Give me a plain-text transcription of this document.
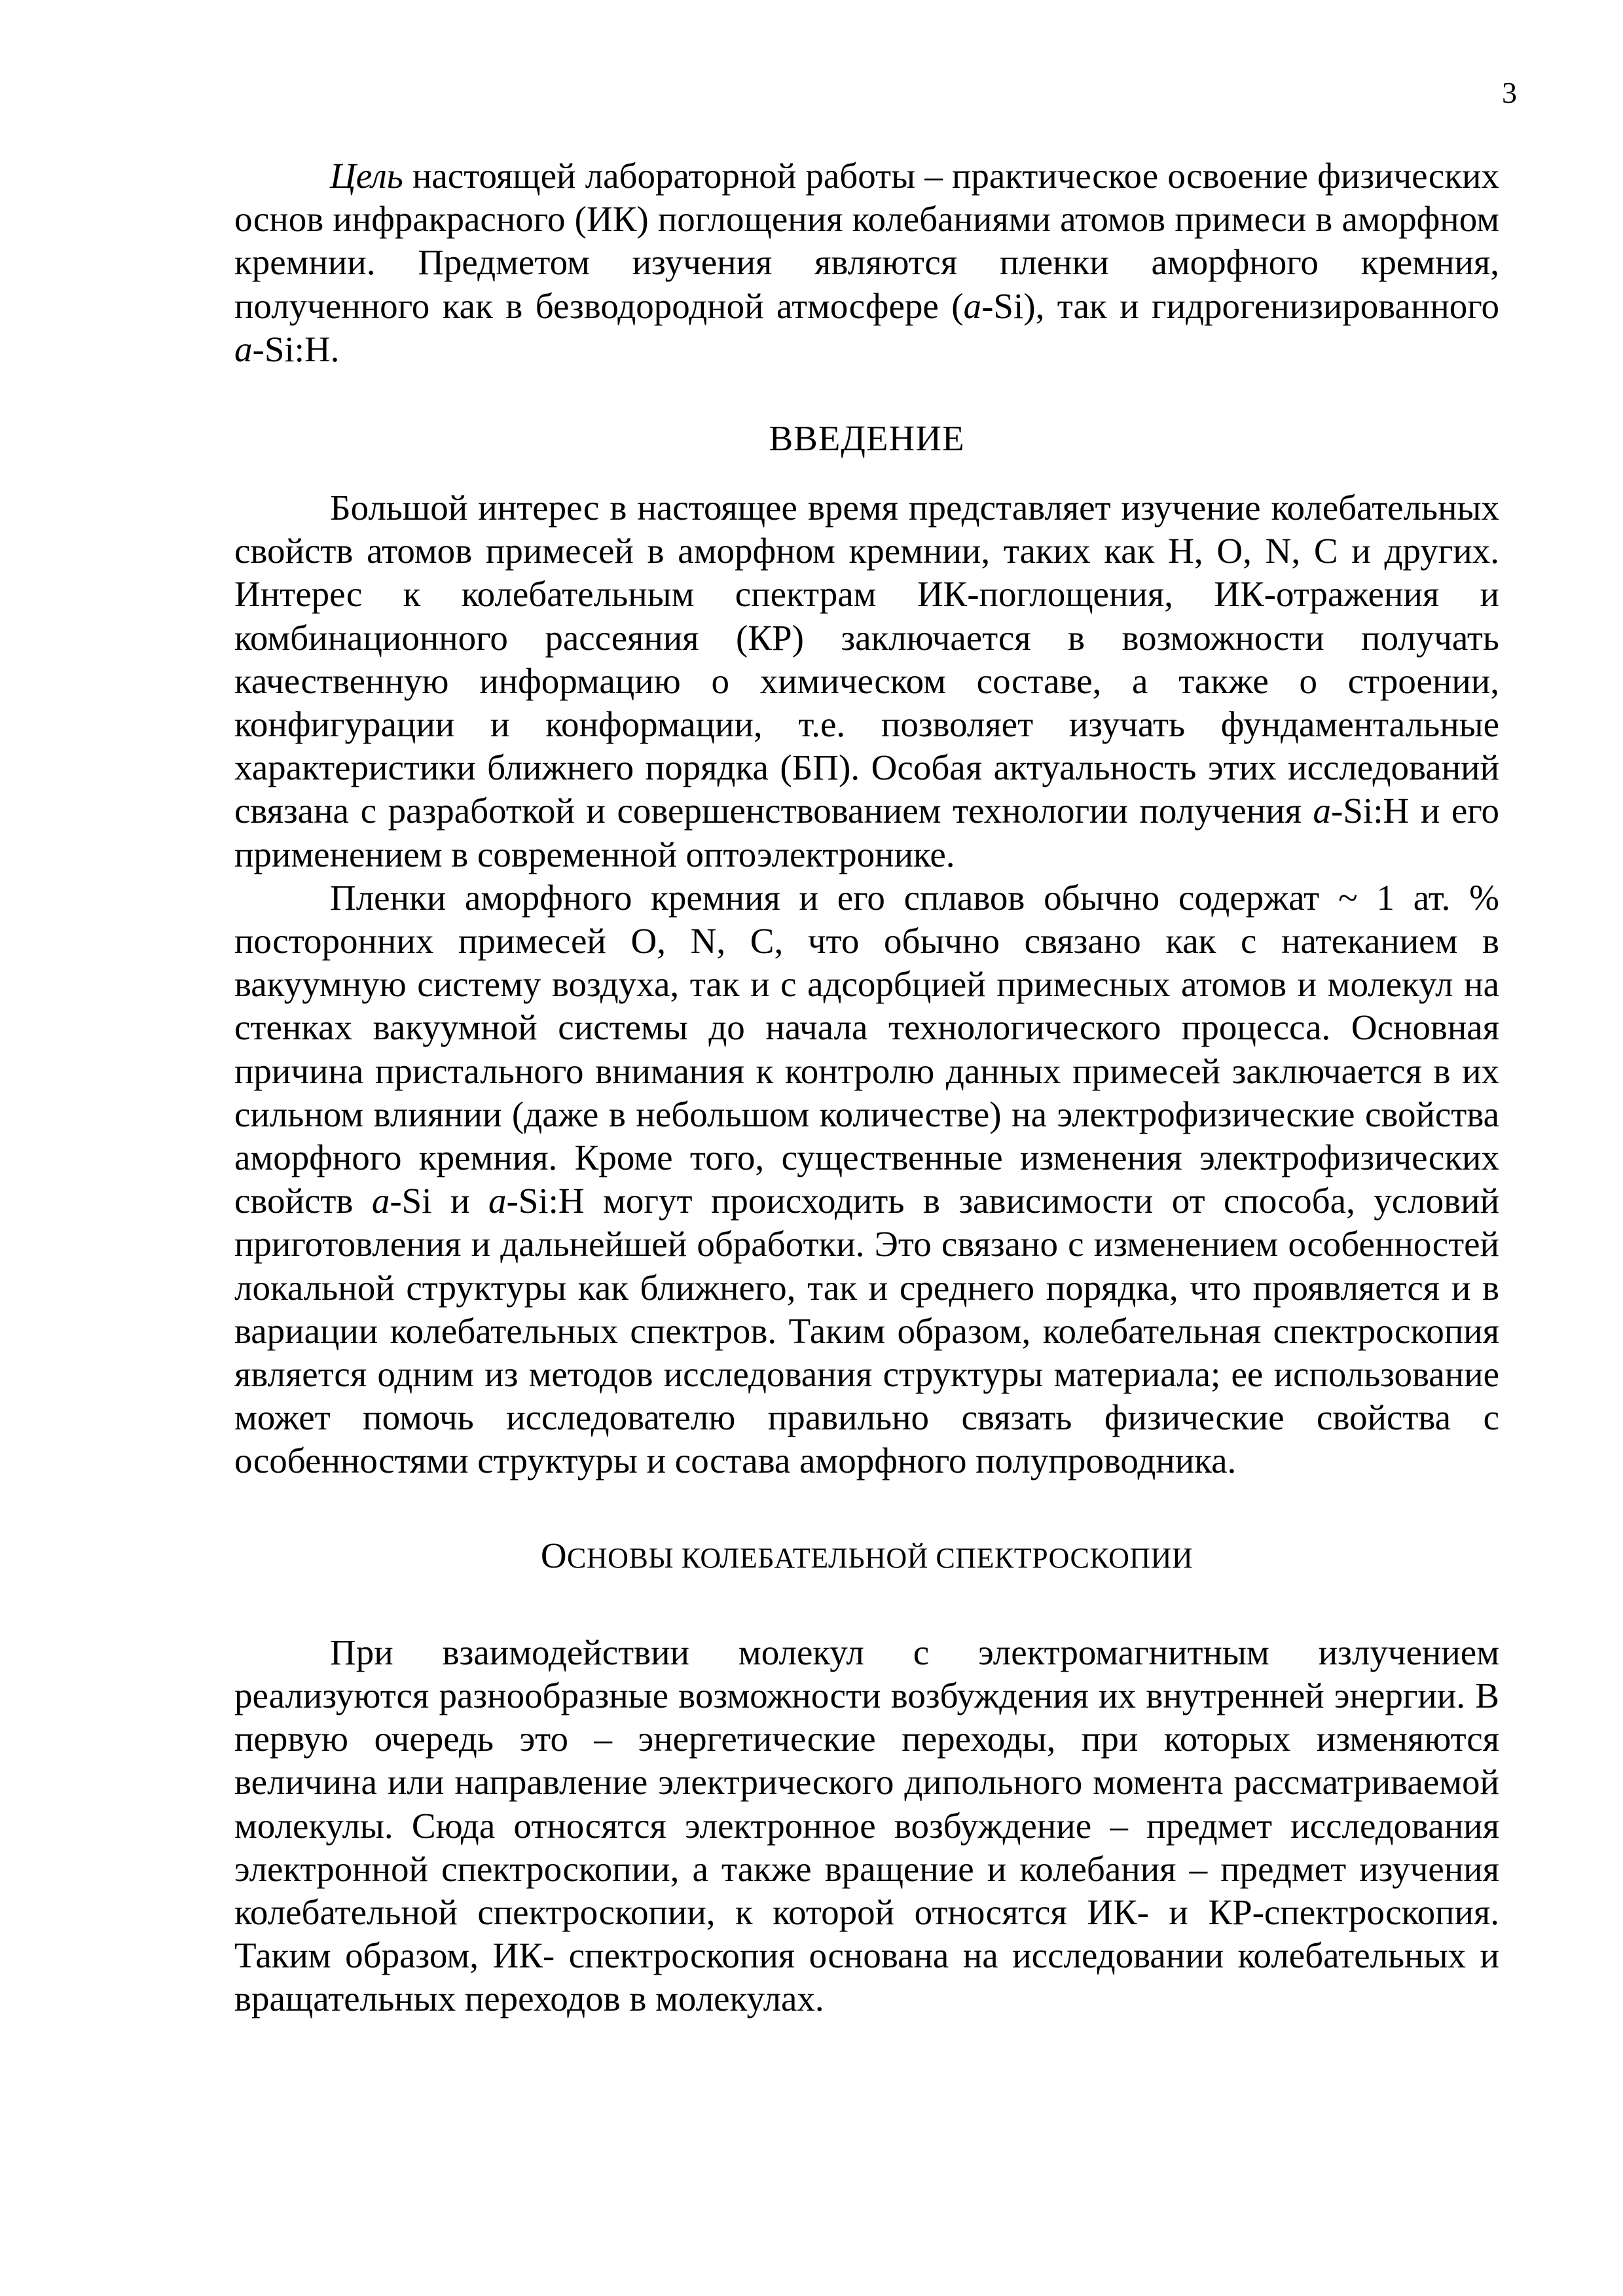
3

Цель настоящей лабораторной работы – практическое освоение физических основ инфракрасного (ИК) поглощения колебаниями атомов примеси в аморфном кремнии. Предметом изучения являются пленки аморфного кремния, полученного как в безводородной атмосфере (a-Si), так и гидрогенизированного a-Si:H.

ВВЕДЕНИЕ

Большой интерес в настоящее время представляет изучение колебательных свойств атомов примесей в аморфном кремнии, таких как H, O, N, C и других. Интерес к колебательным спектрам ИК-поглощения, ИК-отражения и комбинационного рассеяния (КР) заключается в возможности получать качественную информацию о химическом составе, а также о строении, конфигурации и конформации, т.е. позволяет изучать фундаментальные характеристики ближнего порядка (БП). Особая актуальность этих исследований связана с разработкой и совершенствованием технологии получения a-Si:H и его применением в современной оптоэлектронике.

Пленки аморфного кремния и его сплавов обычно содержат ~ 1 ат. % посторонних примесей O, N, C, что обычно связано как с натеканием в вакуумную систему воздуха, так и с адсорбцией примесных атомов и молекул на стенках вакуумной системы до начала технологического процесса. Основная причина пристального внимания к контролю данных примесей заключается в их сильном влиянии (даже в небольшом количестве) на электрофизические свойства аморфного кремния. Кроме того, существенные изменения электрофизических свойств a-Si и a-Si:H могут происходить в зависимости от способа, условий приготовления и дальнейшей обработки. Это связано с изменением особенностей локальной структуры как ближнего, так и среднего порядка, что проявляется и в вариации колебательных спектров. Таким образом, колебательная спектроскопия является одним из методов исследования структуры материала; ее использование может помочь исследователю правильно связать физические свойства с особенностями структуры и состава аморфного полупроводника.

ОСНОВЫ КОЛЕБАТЕЛЬНОЙ СПЕКТРОСКОПИИ

При взаимодействии молекул с электромагнитным излучением реализуются разнообразные возможности возбуждения их внутренней энергии. В первую очередь это – энергетические переходы, при которых изменяются величина или направление электрического дипольного момента рассматриваемой молекулы. Сюда относятся электронное возбуждение – предмет исследования электронной спектроскопии, а также вращение и колебания – предмет изучения колебательной спектроскопии, к которой относятся ИК- и КР-спектроскопия. Таким образом, ИК- спектроскопия основана на исследовании колебательных и вращательных переходов в молекулах.
